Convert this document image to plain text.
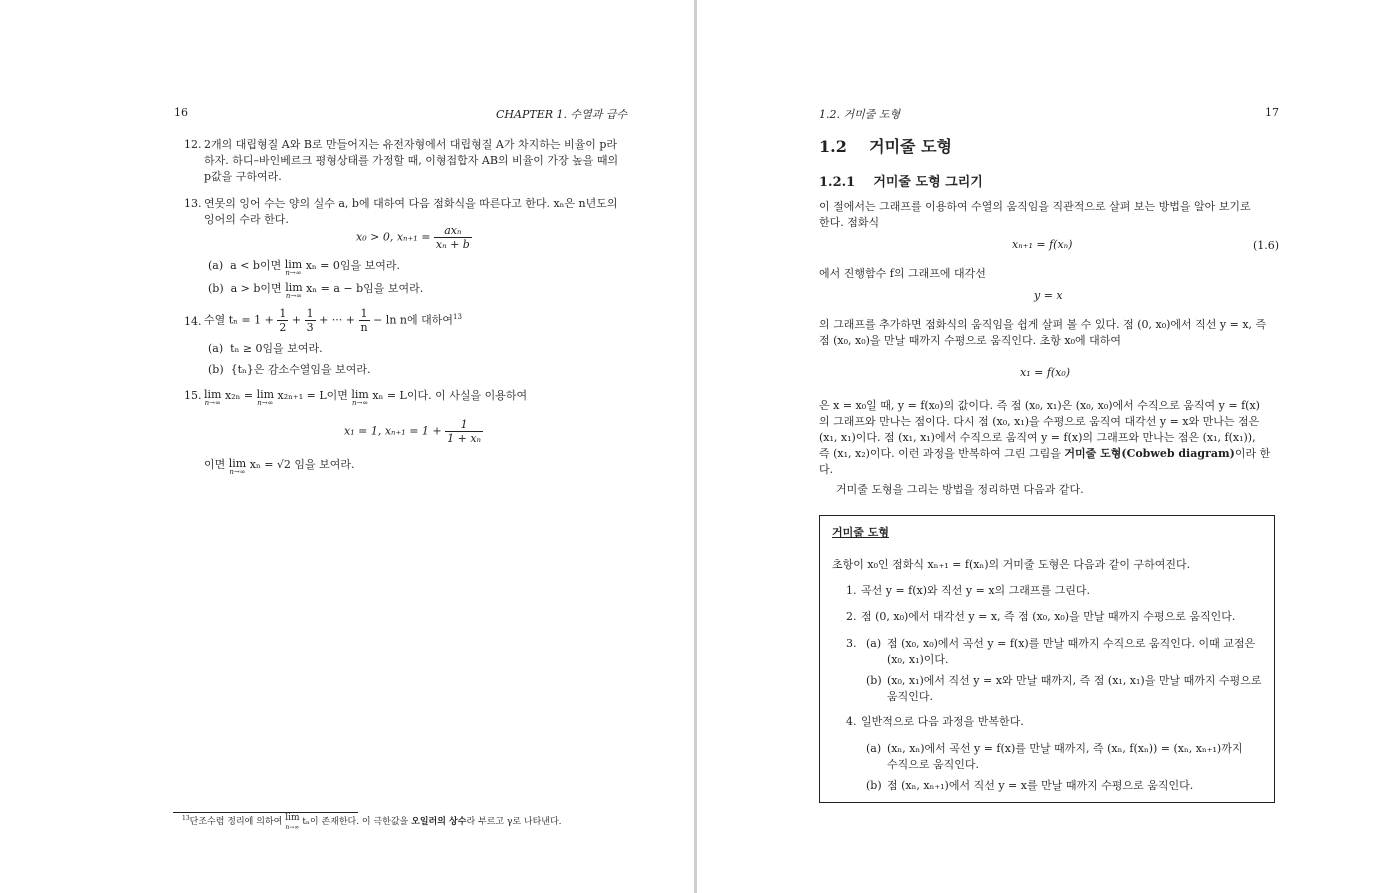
16	CHAPTER 1. 수열과 급수
12. 2개의 대립형질 A와 B로 만들어지는 유전자형에서 대립형질 A가 차지하는 비율이 p라
하자. 하디–바인베르크 평형상태를 가정할 때, 이형접합자 AB의 비율이 가장 높을 때의
p값을 구하여라.
13. 연못의 잉어 수는 양의 실수 a, b에 대하여 다음 점화식을 따른다고 한다. xₙ은 n년도의
잉어의 수라 한다.
x₀ > 0, $x_{n+1} = \frac{\text{axₙ}}{\text{xₙ + b}}$
(a) a < b이면 lim
n→∞
xₙ = 0임을 보여라.
(b) a > b이면 lim
n→∞
xₙ = a − b임을 보여라.
14. 수열 $t_n = 1 + \frac{1}{2} + \frac{1}{3}$ + ··· + $\frac{1}{n} - \ln n$에 대하여$^{13}$
(a) tₙ ≥ 0임을 보여라.
(b) {tₙ}은 감소수열임을 보여라.
15. lim
n→∞
x₂ₙ = lim
n→∞
x₂ₙ₊₁ = L이면 lim
n→∞
xₙ = L이다. 이 사실을 이용하여
x₁ = 1, $x_{n+1} = 1 + \frac{1}{\text{1 + xₙ}}$
이면 lim
n→∞
xₙ = √2 임을 보여라.
$^{13}$단조수렴 정리에 의하여 lim
n→∞
tₙ이 존재한다. 이 극한값을 오일러의 상수라 부르고 γ로 나타낸다.
1.2. 거미줄 도형	17
1.2 거미줄 도형
1.2.1 거미줄 도형 그리기
이 절에서는 그래프를 이용하여 수열의 움직임을 직관적으로 살펴 보는 방법을 알아 보기로
한다. 점화식
xₙ₊₁ = f(xₙ)	(1.6)
에서 진행함수 f의 그래프에 대각선
y = x
의 그래프를 추가하면 점화식의 움직임을 쉽게 살펴 볼 수 있다. 점 (0, x₀)에서 직선 y = x, 즉
점 (x₀, x₀)을 만날 때까지 수평으로 움직인다. 초항 x₀에 대하여
x₁ = f(x₀)
은 x = x₀일 때, y = f(x₀)의 값이다. 즉 점 (x₀, x₁)은 (x₀, x₀)에서 수직으로 움직여 y = f(x)
의 그래프와 만나는 점이다. 다시 점 (x₀, x₁)을 수평으로 움직여 대각선 y = x와 만나는 점은
(x₁, x₁)이다. 점 (x₁, x₁)에서 수직으로 움직여 y = f(x)의 그래프와 만나는 점은 (x₁, f(x₁)),
즉 (x₁, x₂)이다. 이런 과정을 반복하여 그린 그림을 거미줄 도형(Cobweb diagram)이라 한다.
거미줄 도형을 그리는 방법을 정리하면 다음과 같다.
거미줄 도형
초항이 x₀인 점화식 xₙ₊₁ = f(xₙ)의 거미줄 도형은 다음과 같이 구하여진다.
1. 곡선 y = f(x)와 직선 y = x의 그래프를 그린다.
2. 점 (0, x₀)에서 대각선 y = x, 즉 점 (x₀, x₀)을 만날 때까지 수평으로 움직인다.
3. (a) 점 (x₀, x₀)에서 곡선 y = f(x)를 만날 때까지 수직으로 움직인다. 이때 교점은
(x₀, x₁)이다.
(b) (x₀, x₁)에서 직선 y = x와 만날 때까지, 즉 점 (x₁, x₁)을 만날 때까지 수평으로
움직인다.
4. 일반적으로 다음 과정을 반복한다.
(a) (xₙ, xₙ)에서 곡선 y = f(x)를 만날 때까지, 즉 (xₙ, f(xₙ)) = (xₙ, xₙ₊₁)까지
수직으로 움직인다.
(b) 점 (xₙ, xₙ₊₁)에서 직선 y = x를 만날 때까지 수평으로 움직인다.
